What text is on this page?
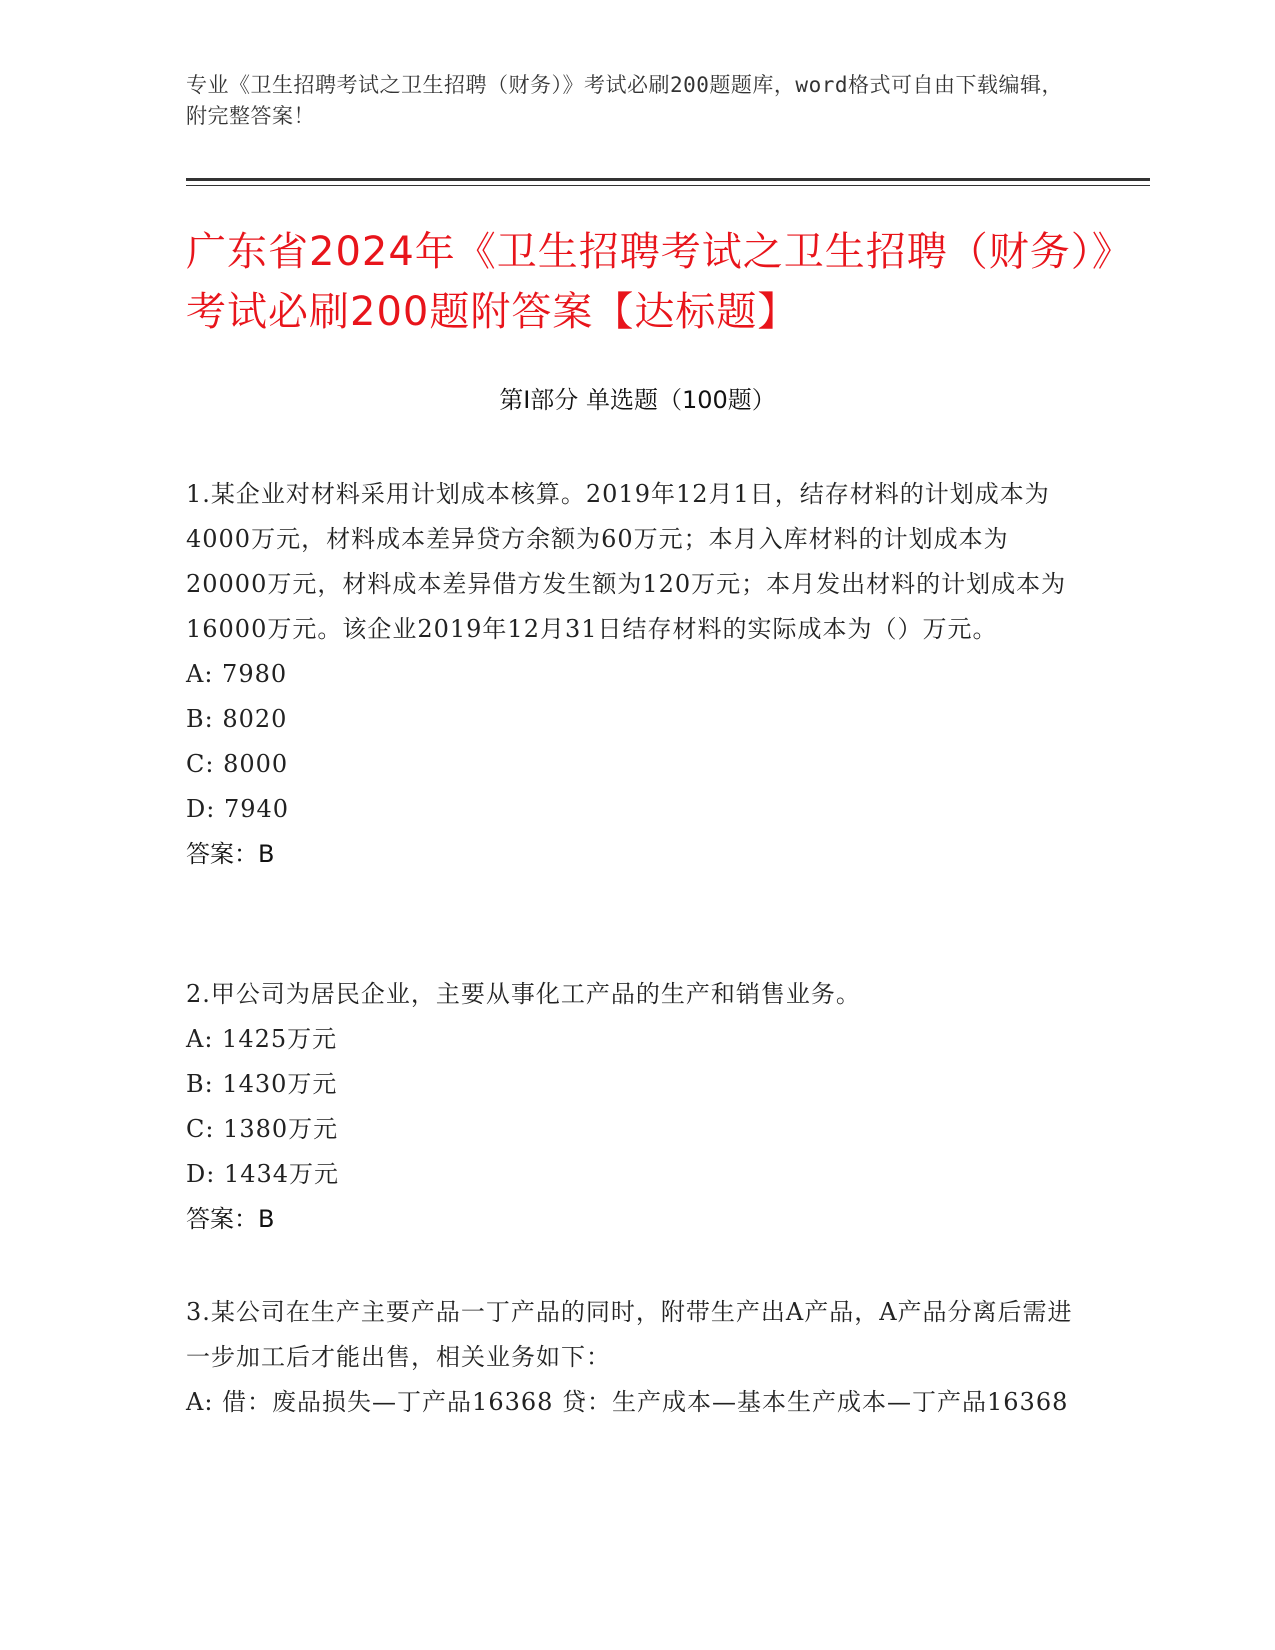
专业《卫生招聘考试之卫生招聘（财务）》考试必刷200题题库，word格式可自由下载编辑，附完整答案！
广东省2024年《卫生招聘考试之卫生招聘（财务）》考试必刷200题附答案【达标题】
第I部分 单选题（100题）
1.某企业对材料采用计划成本核算。2019年12月1日，结存材料的计划成本为4000万元，材料成本差异贷方余额为60万元；本月入库材料的计划成本为20000万元，材料成本差异借方发生额为120万元；本月发出材料的计划成本为16000万元。该企业2019年12月31日结存材料的实际成本为（）万元。
A: 7980
B: 8020
C: 8000
D: 7940
答案：B
2.甲公司为居民企业，主要从事化工产品的生产和销售业务。
A: 1425万元
B: 1430万元
C: 1380万元
D: 1434万元
答案：B
3.某公司在生产主要产品一丁产品的同时，附带生产出A产品，A产品分离后需进一步加工后才能出售，相关业务如下：
A: 借：废品损失—丁产品16368 贷：生产成本—基本生产成本—丁产品16368
